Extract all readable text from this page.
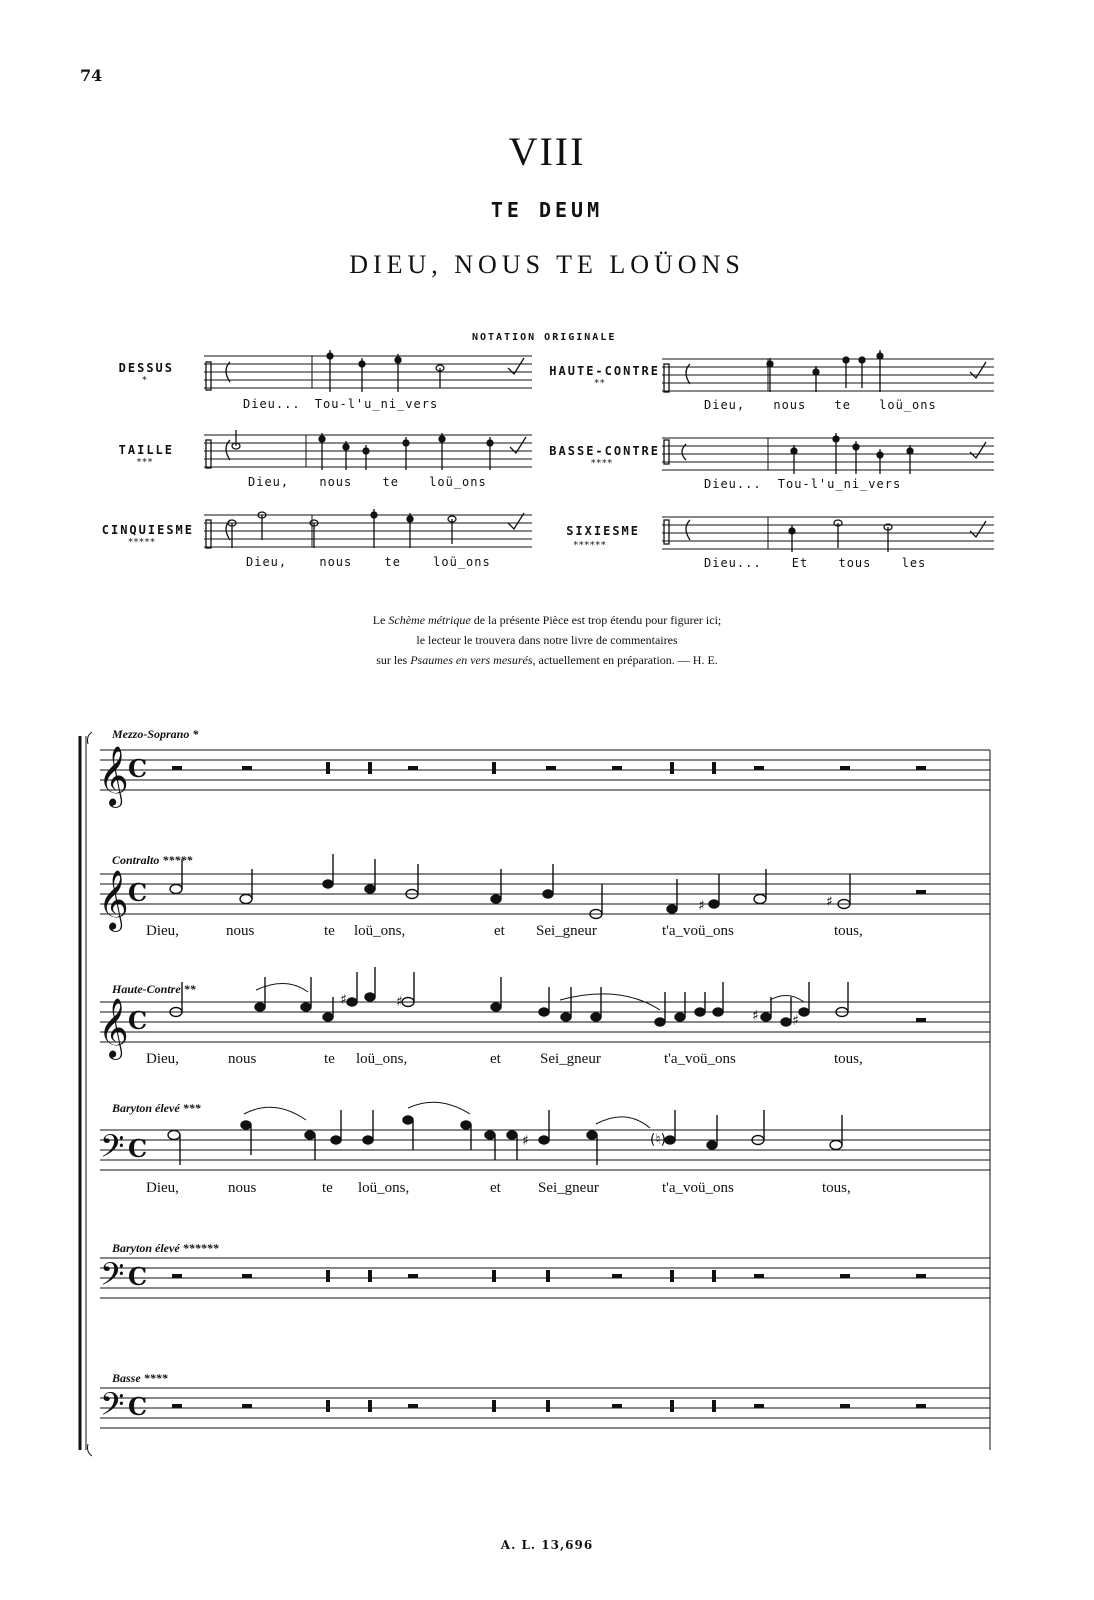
74
VIII
TE DEUM
DIEU, NOUS TE LOÜONS
NOTATION ORIGINALE
DESSUS
*
TAILLE
***
CINQUIESME
*****
HAUTE-CONTRE
**
BASSE-CONTRE
****
SIXIESME
******
Dieu... Tou-l'u_ni_vers	Dieu, nous te loü_ons
Dieu, nous te loü_ons	Dieu... Tou-l'u_ni_vers
Dieu, nous te loü_ons	Dieu... Et tous les
Le Schème métrique de la présente Pièce est trop étendu pour figurer ici;
le lecteur le trouvera dans notre livre de commentaires
sur les Psaumes en vers mesurés, actuellement en préparation. — H. E.
Mezzo-Soprano *
Contralto *****
Haute-Contre **
Baryton élevé ***
Baryton élevé ******
Basse ****
Dieu,	nous	te loü_ons,	et Sei_gneur	t'a_voü_ons	tous,
Dieu,	nous	te loü_ons,	et	Sei_gneur	t'a_voü_ons	tous,
Dieu,	nous	te loü_ons,	et Sei_gneur	t'a_voü_ons	tous,
A. L. 13,696
𝄞
𝄞
𝄞
𝄢
𝄢
𝄢
C
C
C
C
C
C
♯	♯
♯	♯
♯ ♯
♯	(♮)
